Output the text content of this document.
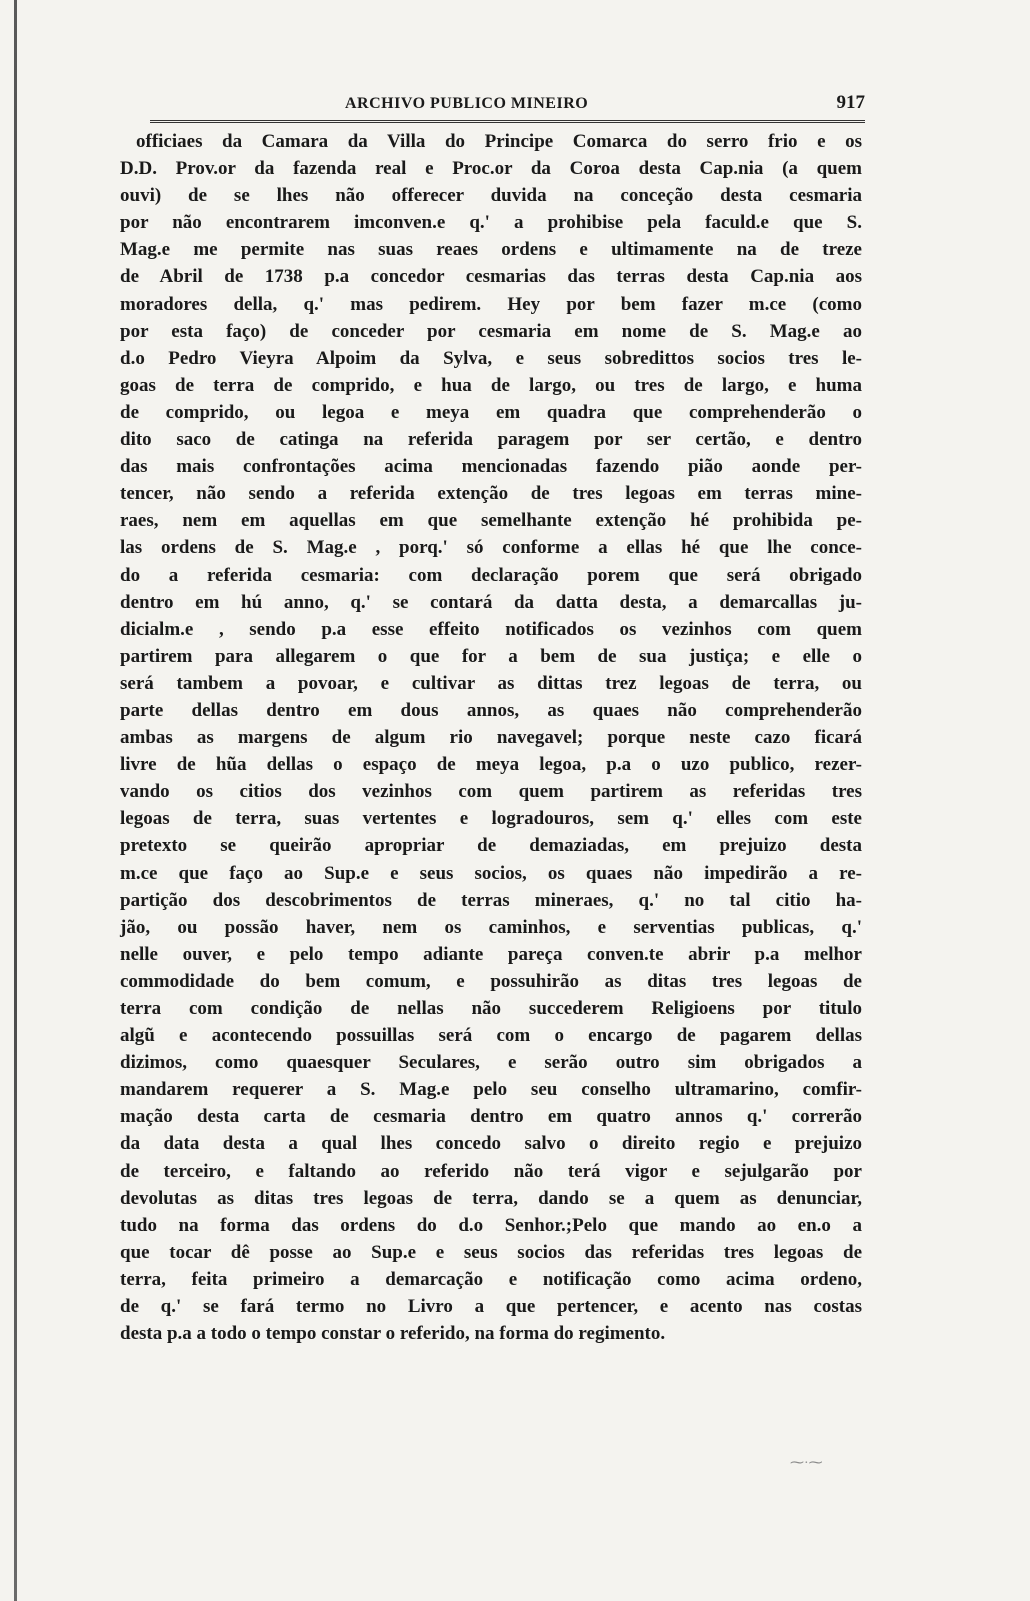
ARCHIVO PUBLICO MINEIRO	917
officiaes da Camara da Villa do Principe Comarca do serro frio e os
D.D. Prov.or da fazenda real e Proc.or da Coroa desta Cap.nia (a quem
ouvi) de se lhes não offerecer duvida na conceção desta cesmaria
por não encontrarem imconven.e q.' a prohibise pela faculd.e que S.
Mag.e me permite nas suas reaes ordens e ultimamente na de treze
de Abril de 1738 p.a concedor cesmarias das terras desta Cap.nia aos
moradores della, q.' mas pedirem. Hey por bem fazer m.ce (como
por esta faço) de conceder por cesmaria em nome de S. Mag.e ao
d.o Pedro Vieyra Alpoim da Sylva, e seus sobredittos socios tres le-
goas de terra de comprido, e hua de largo, ou tres de largo, e huma
de comprido, ou legoa e meya em quadra que comprehenderão o
dito saco de catinga na referida paragem por ser certão, e dentro
das mais confrontações acima mencionadas fazendo pião aonde per-
tencer, não sendo a referida extenção de tres legoas em terras mine-
raes, nem em aquellas em que semelhante extenção hé prohibida pe-
las ordens de S. Mag.e , porq.' só conforme a ellas hé que lhe conce-
do a referida cesmaria: com declaração porem que será obrigado
dentro em hú anno, q.' se contará da datta desta, a demarcallas ju-
dicialm.e , sendo p.a esse effeito notificados os vezinhos com quem
partirem para allegarem o que for a bem de sua justiça; e elle o
será tambem a povoar, e cultivar as dittas trez legoas de terra, ou
parte dellas dentro em dous annos, as quaes não comprehenderão
ambas as margens de algum rio navegavel; porque neste cazo ficará
livre de hũa dellas o espaço de meya legoa, p.a o uzo publico, rezer-
vando os citios dos vezinhos com quem partirem as referidas tres
legoas de terra, suas vertentes e logradouros, sem q.' elles com este
pretexto se queirão apropriar de demaziadas, em prejuizo desta
m.ce que faço ao Sup.e e seus socios, os quaes não impedirão a re-
partição dos descobrimentos de terras mineraes, q.' no tal citio ha-
jão, ou possão haver, nem os caminhos, e serventias publicas, q.'
nelle ouver, e pelo tempo adiante pareça conven.te abrir p.a melhor
commodidade do bem comum, e possuhirão as ditas tres legoas de
terra com condição de nellas não succederem Religioens por titulo
algũ e acontecendo possuillas será com o encargo de pagarem dellas
dizimos, como quaesquer Seculares, e serão outro sim obrigados a
mandarem requerer a S. Mag.e pelo seu conselho ultramarino, comfir-
mação desta carta de cesmaria dentro em quatro annos q.' correrão
da data desta a qual lhes concedo salvo o direito regio e prejuizo
de terceiro, e faltando ao referido não terá vigor e sejulgarão por
devolutas as ditas tres legoas de terra, dando se a quem as denunciar,
tudo na forma das ordens do d.o Senhor.;Pelo que mando ao en.o a
que tocar dê posse ao Sup.e e seus socios das referidas tres legoas de
terra, feita primeiro a demarcação e notificação como acima ordeno,
de q.' se fará termo no Livro a que pertencer, e acento nas costas
desta p.a a todo o tempo constar o referido, na forma do regimento.
⁓·⁓
